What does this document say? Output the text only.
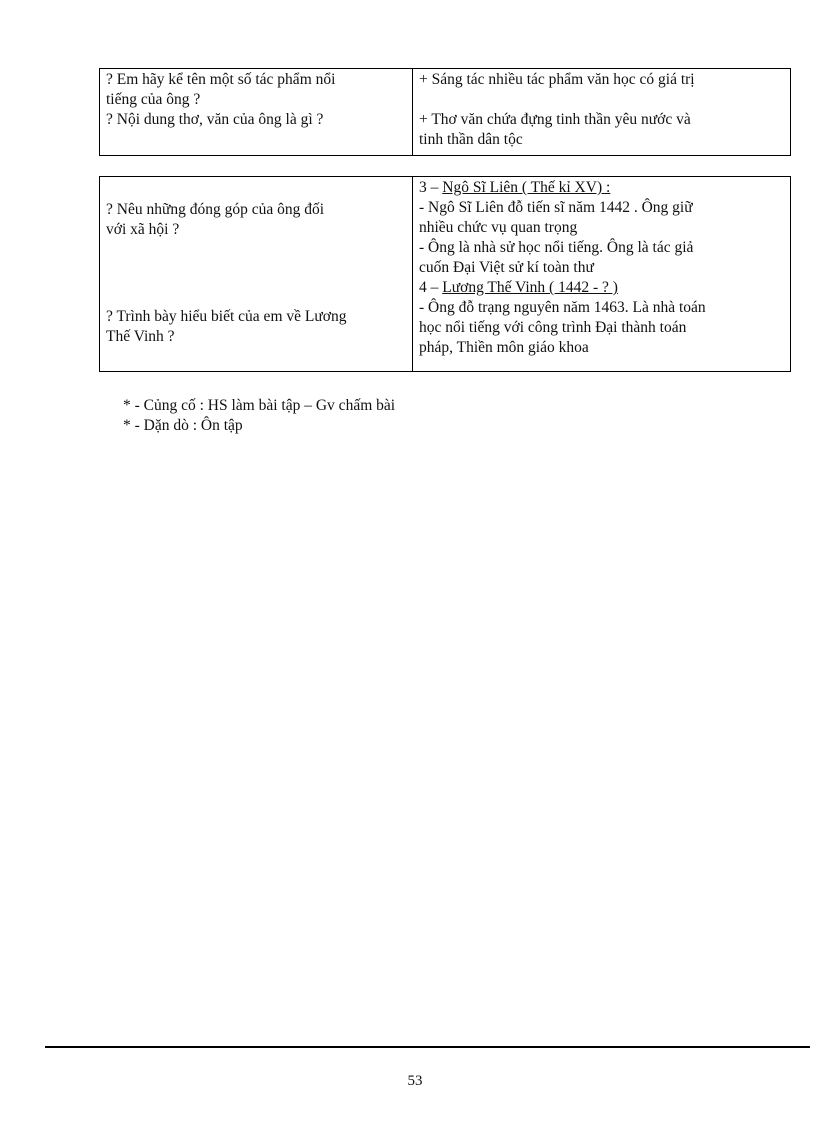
? Em hãy kể tên một số tác phẩm nổi
tiếng của ông ?
? Nội dung thơ, văn của ông là gì ?
+ Sáng tác nhiều tác phẩm văn học có giá trị
+ Thơ văn chứa đựng tinh thần yêu nước và
tinh thần dân tộc
? Nêu những đóng góp của ông đối
với xã hội ?
? Trình bày hiểu biết của em về Lương
Thế Vinh ?
3 – Ngô Sĩ Liên ( Thế kỉ XV) :
- Ngô Sĩ Liên đỗ tiến sĩ năm 1442 . Ông giữ
nhiều chức vụ quan trọng
- Ông là nhà sử học nổi tiếng. Ông là tác giả
cuốn Đại Việt sử kí toàn thư
4 – Lương Thế Vinh ( 1442 - ? )
- Ông đỗ trạng nguyên năm 1463. Là nhà toán
học nổi tiếng với công trình Đại thành toán
pháp, Thiền môn giáo khoa
* - Củng cố : HS làm bài tập – Gv chấm bài
* - Dặn dò : Ôn tập
53
